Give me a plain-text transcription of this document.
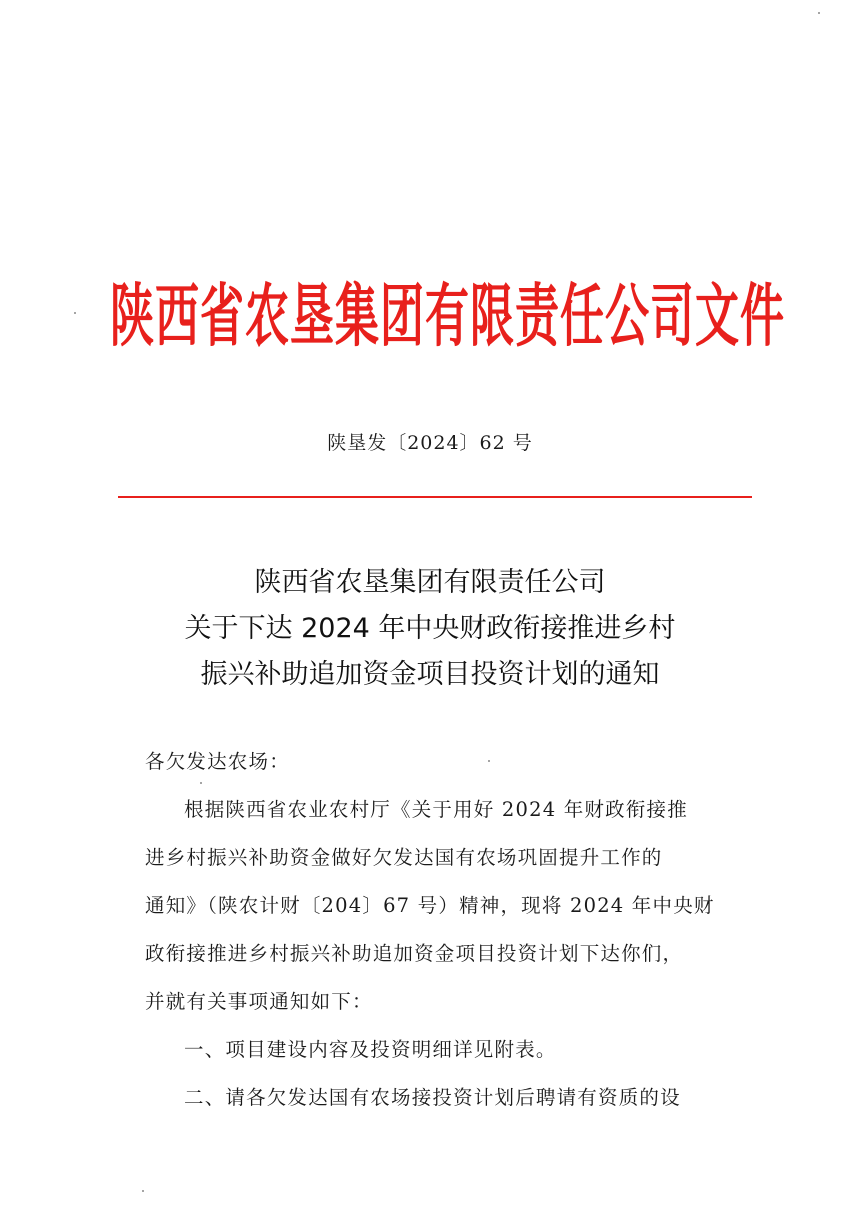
陕西省农垦集团有限责任公司文件
陕垦发〔2024〕62 号
陕西省农垦集团有限责任公司
关于下达 2024 年中央财政衔接推进乡村
振兴补助追加资金项目投资计划的通知
各欠发达农场：
根据陕西省农业农村厅《关于用好 2024 年财政衔接推
进乡村振兴补助资金做好欠发达国有农场巩固提升工作的
通知》（陕农计财〔204〕67 号）精神，现将 2024 年中央财
政衔接推进乡村振兴补助追加资金项目投资计划下达你们，
并就有关事项通知如下：
一、项目建设内容及投资明细详见附表。
二、请各欠发达国有农场接投资计划后聘请有资质的设
